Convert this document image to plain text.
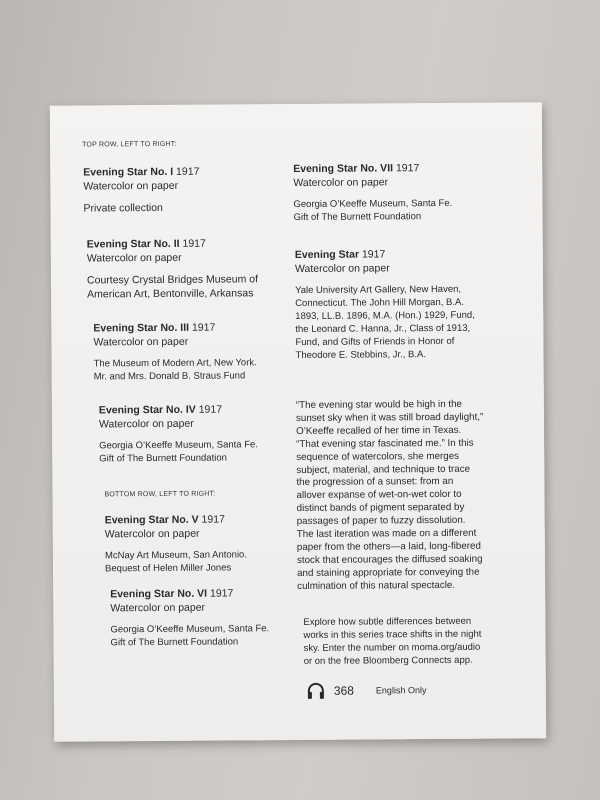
TOP ROW, LEFT TO RIGHT:
Evening Star No. I 1917
Watercolor on paper
Private collection
Evening Star No. II 1917
Watercolor on paper
Courtesy Crystal Bridges Museum of
American Art, Bentonville, Arkansas
Evening Star No. III 1917
Watercolor on paper
The Museum of Modern Art, New York.
Mr. and Mrs. Donald B. Straus Fund
Evening Star No. IV 1917
Watercolor on paper
Georgia O’Keeffe Museum, Santa Fe.
Gift of The Burnett Foundation
BOTTOM ROW, LEFT TO RIGHT:
Evening Star No. V 1917
Watercolor on paper
McNay Art Museum, San Antonio.
Bequest of Helen Miller Jones
Evening Star No. VI 1917
Watercolor on paper
Georgia O’Keeffe Museum, Santa Fe.
Gift of The Burnett Foundation
Evening Star No. VII 1917
Watercolor on paper
Georgia O’Keeffe Museum, Santa Fe.
Gift of The Burnett Foundation
Evening Star 1917
Watercolor on paper
Yale University Art Gallery, New Haven,
Connecticut. The John Hill Morgan, B.A.
1893, LL.B. 1896, M.A. (Hon.) 1929, Fund,
the Leonard C. Hanna, Jr., Class of 1913,
Fund, and Gifts of Friends in Honor of
Theodore E. Stebbins, Jr., B.A.
“The evening star would be high in the
sunset sky when it was still broad daylight,”
O’Keeffe recalled of her time in Texas.
“That evening star fascinated me.” In this
sequence of watercolors, she merges
subject, material, and technique to trace
the progression of a sunset: from an
allover expanse of wet-on-wet color to
distinct bands of pigment separated by
passages of paper to fuzzy dissolution.
The last iteration was made on a different
paper from the others—a laid, long-fibered
stock that encourages the diffused soaking
and staining appropriate for conveying the
culmination of this natural spectacle.
Explore how subtle differences between
works in this series trace shifts in the night
sky. Enter the number on moma.org/audio
or on the free Bloomberg Connects app.
368 English Only
